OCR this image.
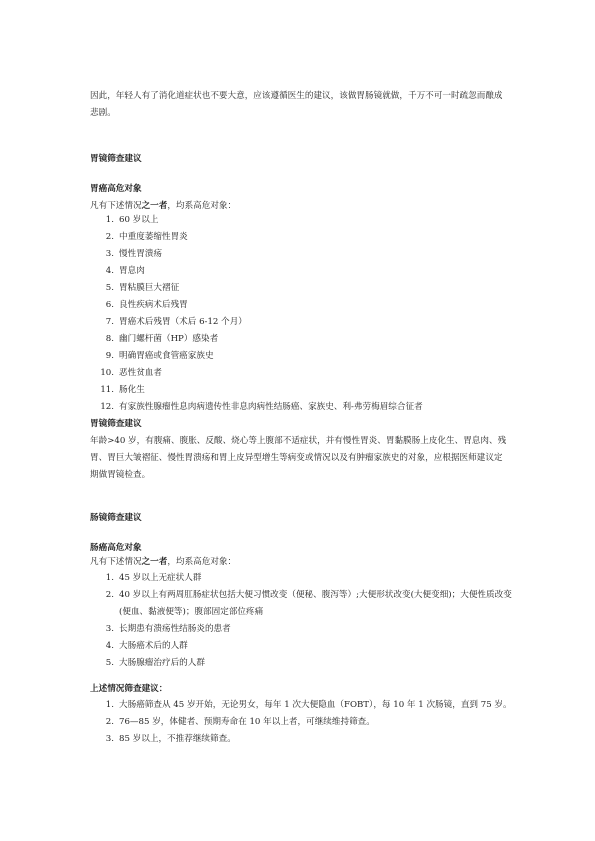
因此，年轻人有了消化道症状也不要大意，应该遵循医生的建议，该做胃肠镜就做，千万不可一时疏忽而酿成悲剧。

胃镜筛查建议
胃癌高危对象

凡有下述情况之一者，均系高危对象：

1. 60 岁以上
2. 中重度萎缩性胃炎
3. 慢性胃溃疡
4. 胃息肉
5. 胃粘膜巨大褶征
6. 良性疾病术后残胃
7. 胃癌术后残胃（术后 6-12 个月）
8. 幽门螺杆菌（HP）感染者
9. 明确胃癌或食管癌家族史
10. 恶性贫血者
11. 肠化生
12. 有家族性腺瘤性息肉病遗传性非息肉病性结肠癌、家族史、利-弗劳梅眉综合征者
胃镜筛查建议

年龄>40 岁，有腹痛、腹胀、反酸、烧心等上腹部不适症状，并有慢性胃炎、胃黏膜肠上皮化生、胃息肉、残胃、胃巨大皱褶征、慢性胃溃疡和胃上皮异型增生等病变或情况以及有肿瘤家族史的对象，应根据医师建议定期做胃镜检查。

肠镜筛查建议
肠癌高危对象

凡有下述情况之一者，均系高危对象：

1. 45 岁以上无症状人群
2. 40 岁以上有两周肛肠症状包括大便习惯改变（便秘、腹泻等）;大便形状改变(大便变细)；大便性质改变(便血、黏液便等)；腹部固定部位疼痛
3. 长期患有溃疡性结肠炎的患者
4. 大肠癌术后的人群
5. 大肠腺瘤治疗后的人群
上述情况筛查建议：
1. 大肠癌筛查从 45 岁开始，无论男女，每年 1 次大便隐血（FOBT），每 10 年 1 次肠镜，直到 75 岁。
2. 76—85 岁，体健者、预期寿命在 10 年以上者，可继续维持筛查。
3. 85 岁以上，不推荐继续筛查。
